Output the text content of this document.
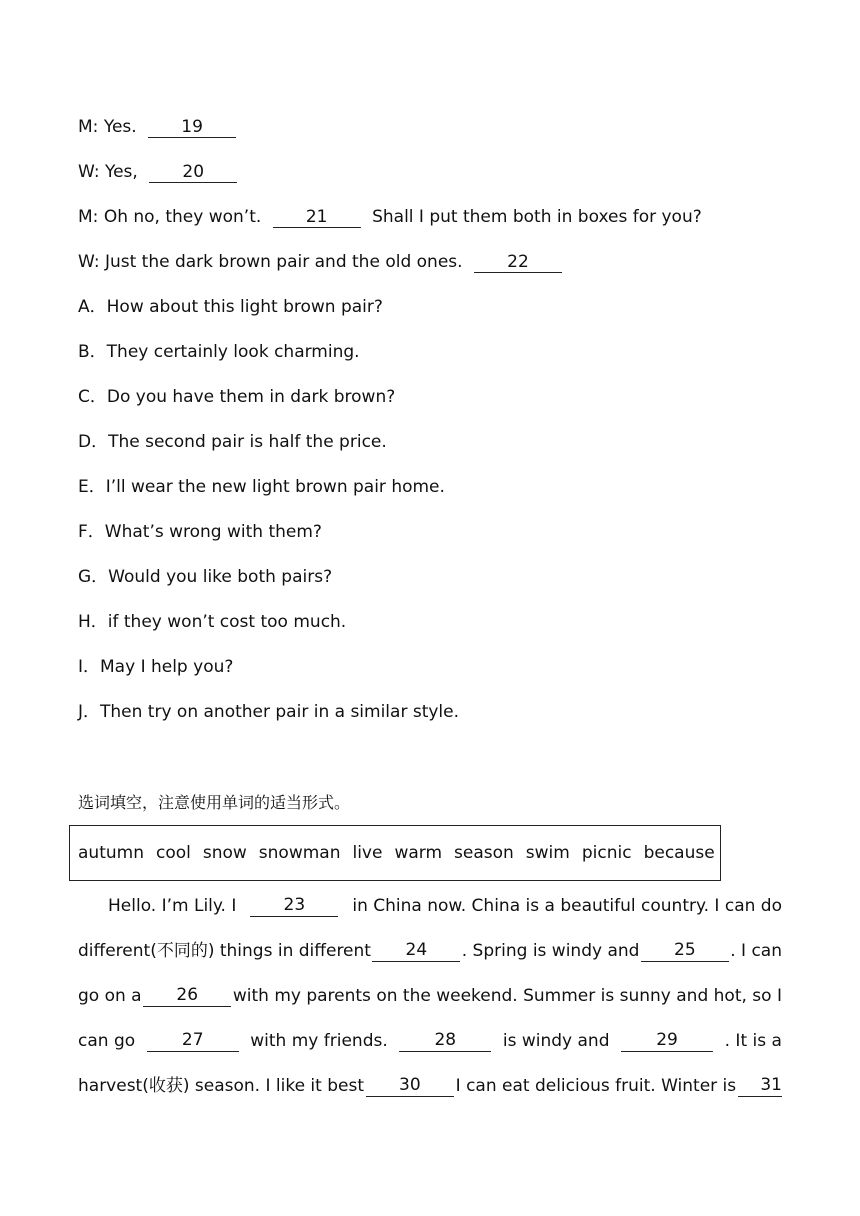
M: Yes.	19
W: Yes,	20
M: Oh no, they won’t.	21	Shall I put them both in boxes for you?
W: Just the dark brown pair and the old ones.	22
A．How about this light brown pair?
B．They certainly look charming.
C．Do you have them in dark brown?
D．The second pair is half the price.
E．I’ll wear the new light brown pair home.
F．What’s wrong with them?
G．Would you like both pairs?
H．if they won’t cost too much.
I．May I help you?
J．Then try on another pair in a similar style.
选词填空，注意使用单词的适当形式。
autumn cool snow snowman live warm season swim picnic because
Hello. I’m Lily. I	23	in China now. China is a beautiful country. I can do
different(不同的) things in different	24	. Spring is windy and	25	. I can
go on a	26	with my parents on the weekend. Summer is sunny and hot, so I
can go	27	with my friends.	28	is windy and	29	. It is a
harvest(收获) season. I like it best	30	I can eat delicious fruit. Winter is	31
